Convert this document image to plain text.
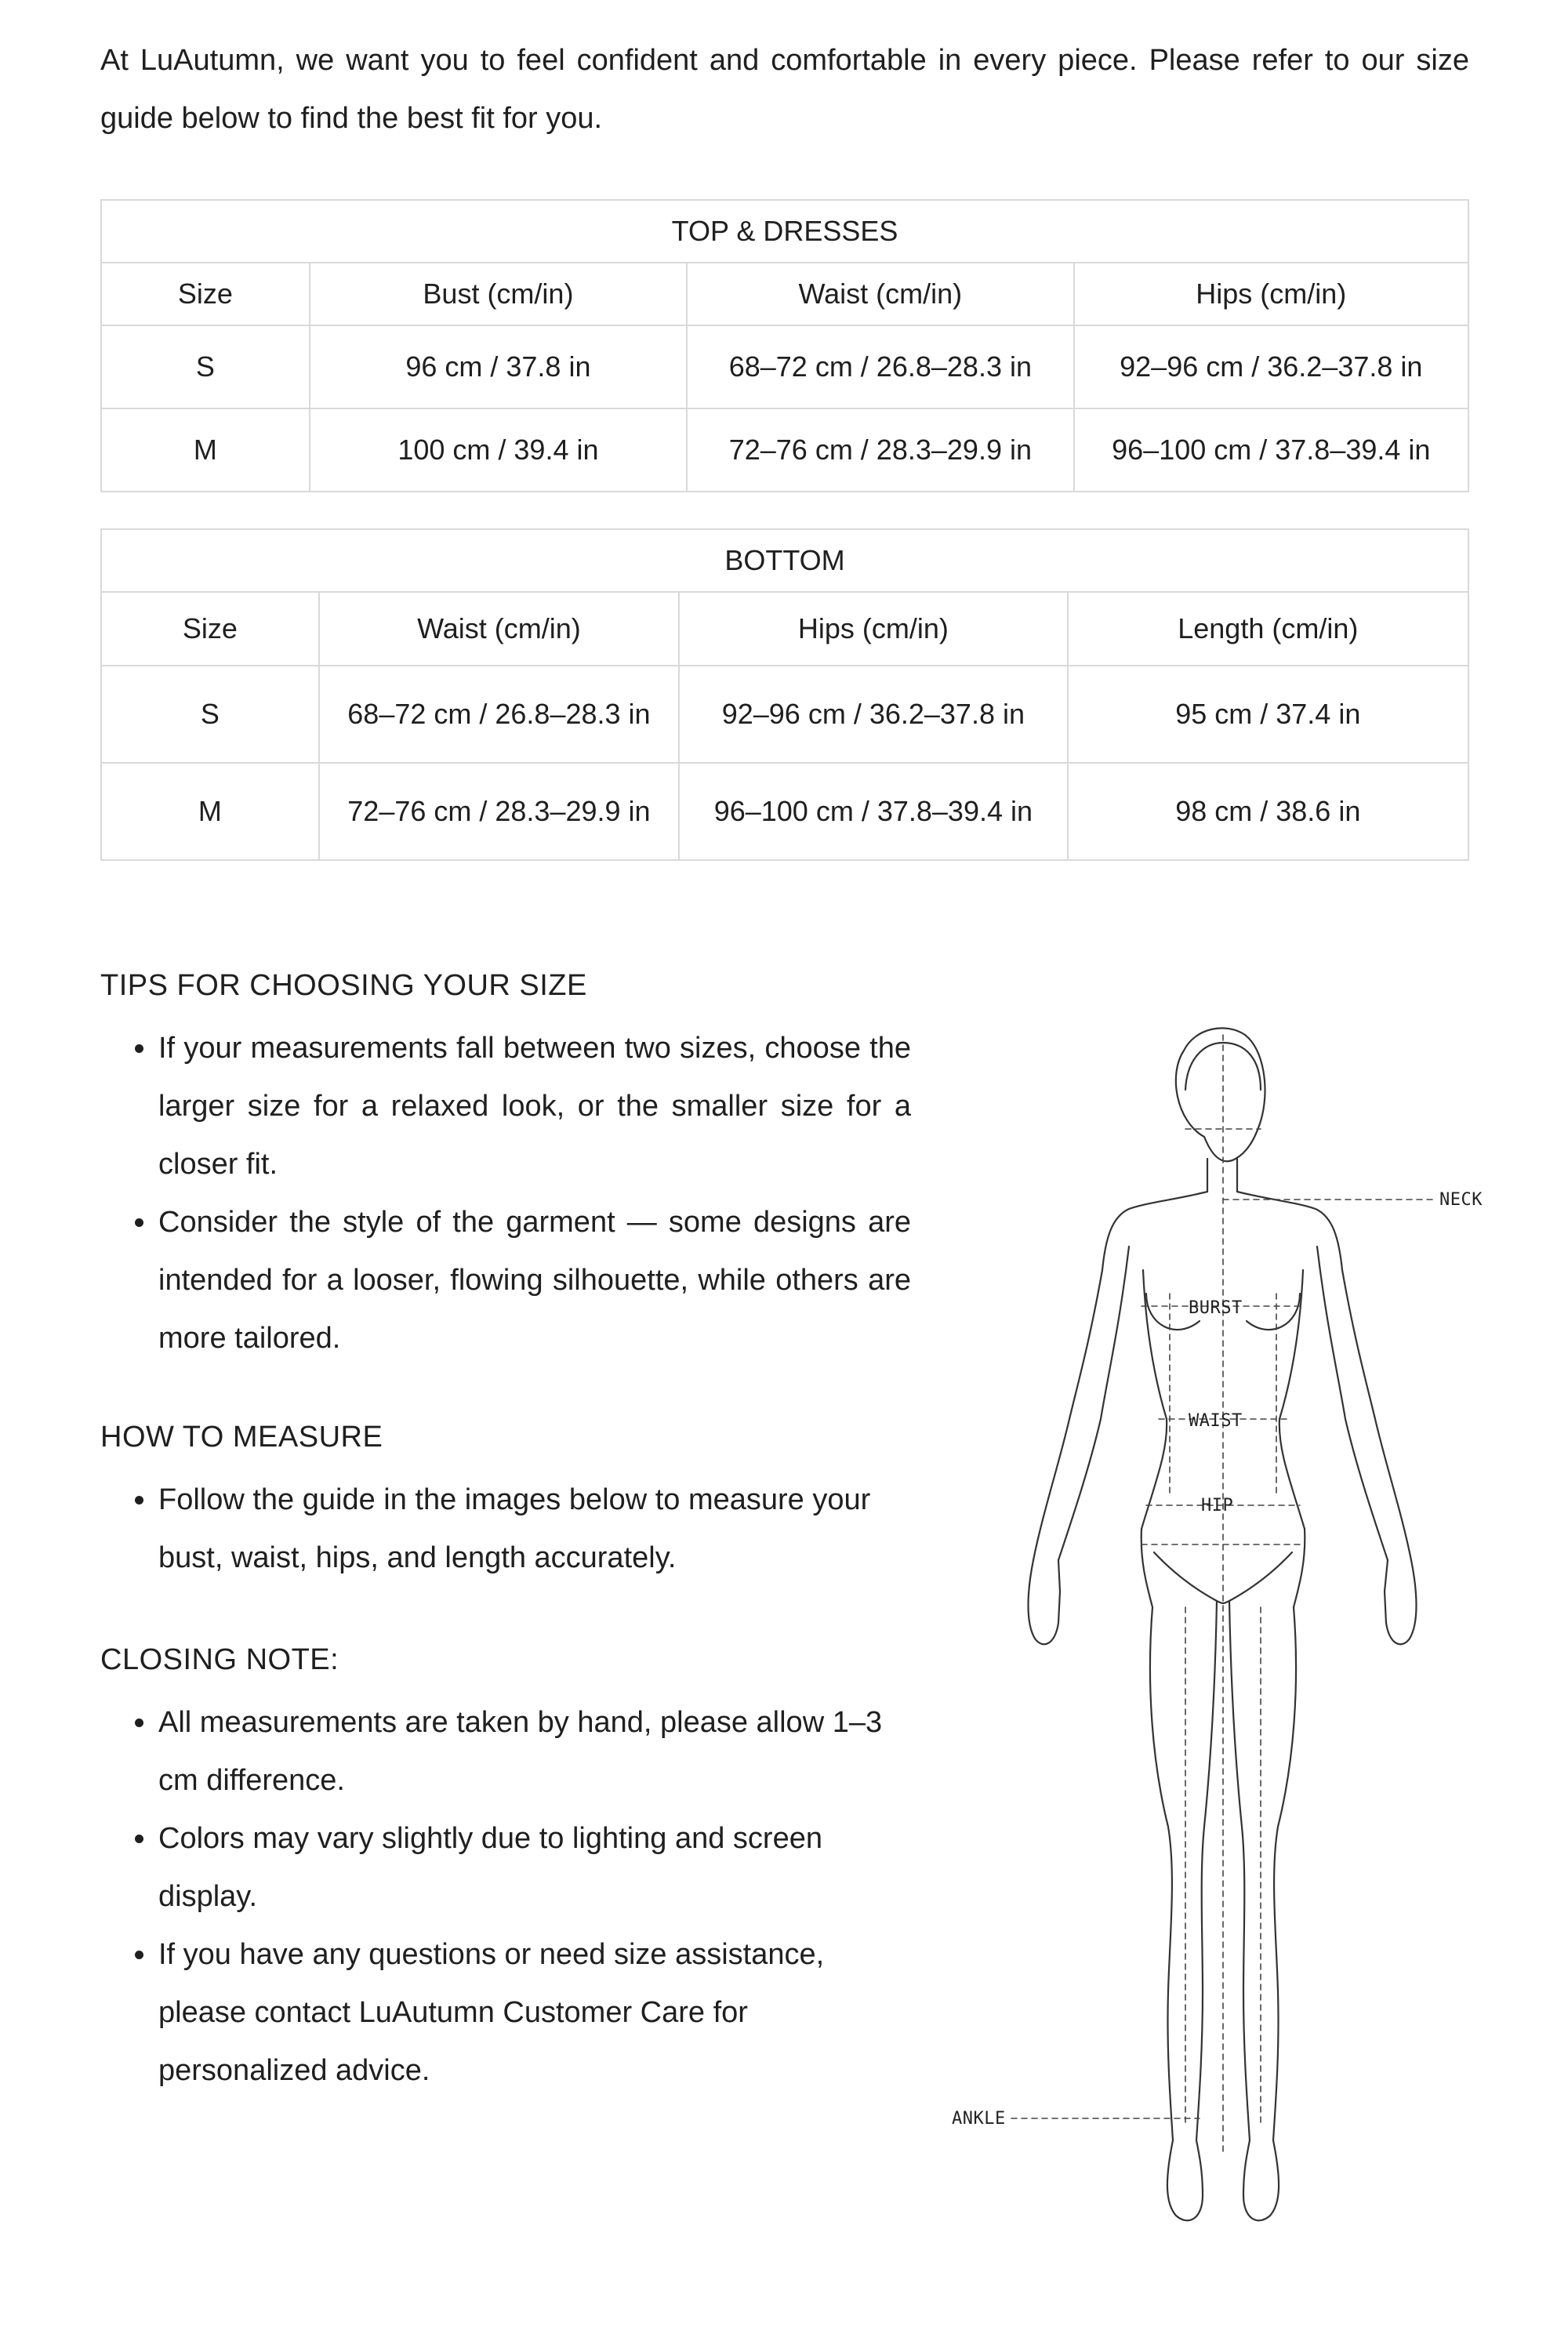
At LuAutumn, we want you to feel confident and comfortable in every piece. Please refer to our size guide below to find the best fit for you.

TOP & DRESSES			
Size	Bust (cm/in)	Waist (cm/in)	Hips (cm/in)
S	96 cm / 37.8 in	68–72 cm / 26.8–28.3 in	92–96 cm / 36.2–37.8 in
M	100 cm / 39.4 in	72–76 cm / 28.3–29.9 in	96–100 cm / 37.8–39.4 in
BOTTOM			
Size	Waist (cm/in)	Hips (cm/in)	Length (cm/in)
S	68–72 cm / 26.8–28.3 in	92–96 cm / 36.2–37.8 in	95 cm / 37.4 in
M	72–76 cm / 28.3–29.9 in	96–100 cm / 37.8–39.4 in	98 cm / 38.6 in
TIPS FOR CHOOSING YOUR SIZE
If your measurements fall between two sizes, choose the larger size for a relaxed look, or the smaller size for a closer fit.
Consider the style of the garment — some designs are intended for a looser, flowing silhouette, while others are more tailored.
HOW TO MEASURE
Follow the guide in the images below to measure your bust, waist, hips, and length accurately.
CLOSING NOTE:
All measurements are taken by hand, please allow 1–3 cm difference.
Colors may vary slightly due to lighting and screen display.
If you have any questions or need size assistance, please contact LuAutumn Customer Care for personalized advice.
NECK
BURST
WAIST
HIP
ANKLE
